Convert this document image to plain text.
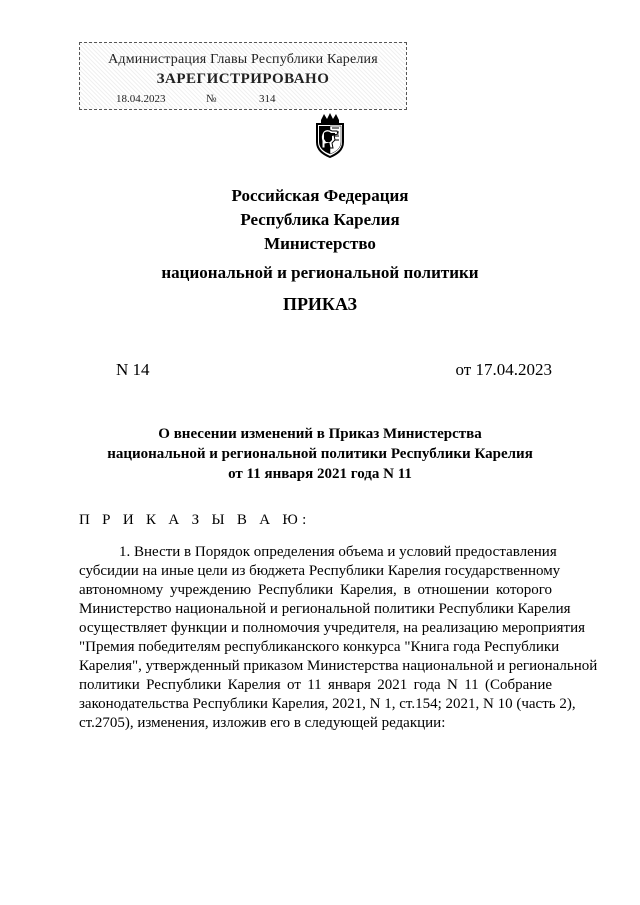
Администрация Главы Республики Карелия
ЗАРЕГИСТРИРОВАНО
18.04.2023	№	314
Российская Федерация
Республика Карелия
Министерство
национальной и региональной политики
ПРИКАЗ
N 14	от 17.04.2023
О внесении изменений в Приказ Министерства
национальной и региональной политики Республики Карелия
от 11 января 2021 года N 11
П Р И К А З Ы В А Ю:
1. Внести в Порядок определения объема и условий предоставления
субсидии на иные цели из бюджета Республики Карелия государственному
автономному учреждению Республики Карелия, в отношении которого
Министерство национальной и региональной политики Республики Карелия
осуществляет функции и полномочия учредителя, на реализацию мероприятия
"Премия победителям республиканского конкурса "Книга года Республики
Карелия", утвержденный приказом Министерства национальной и региональной
политики Республики Карелия от 11 января 2021 года N 11 (Собрание
законодательства Республики Карелия, 2021, N 1, ст.154; 2021, N 10 (часть 2),
ст.2705), изменения, изложив его в следующей редакции:
